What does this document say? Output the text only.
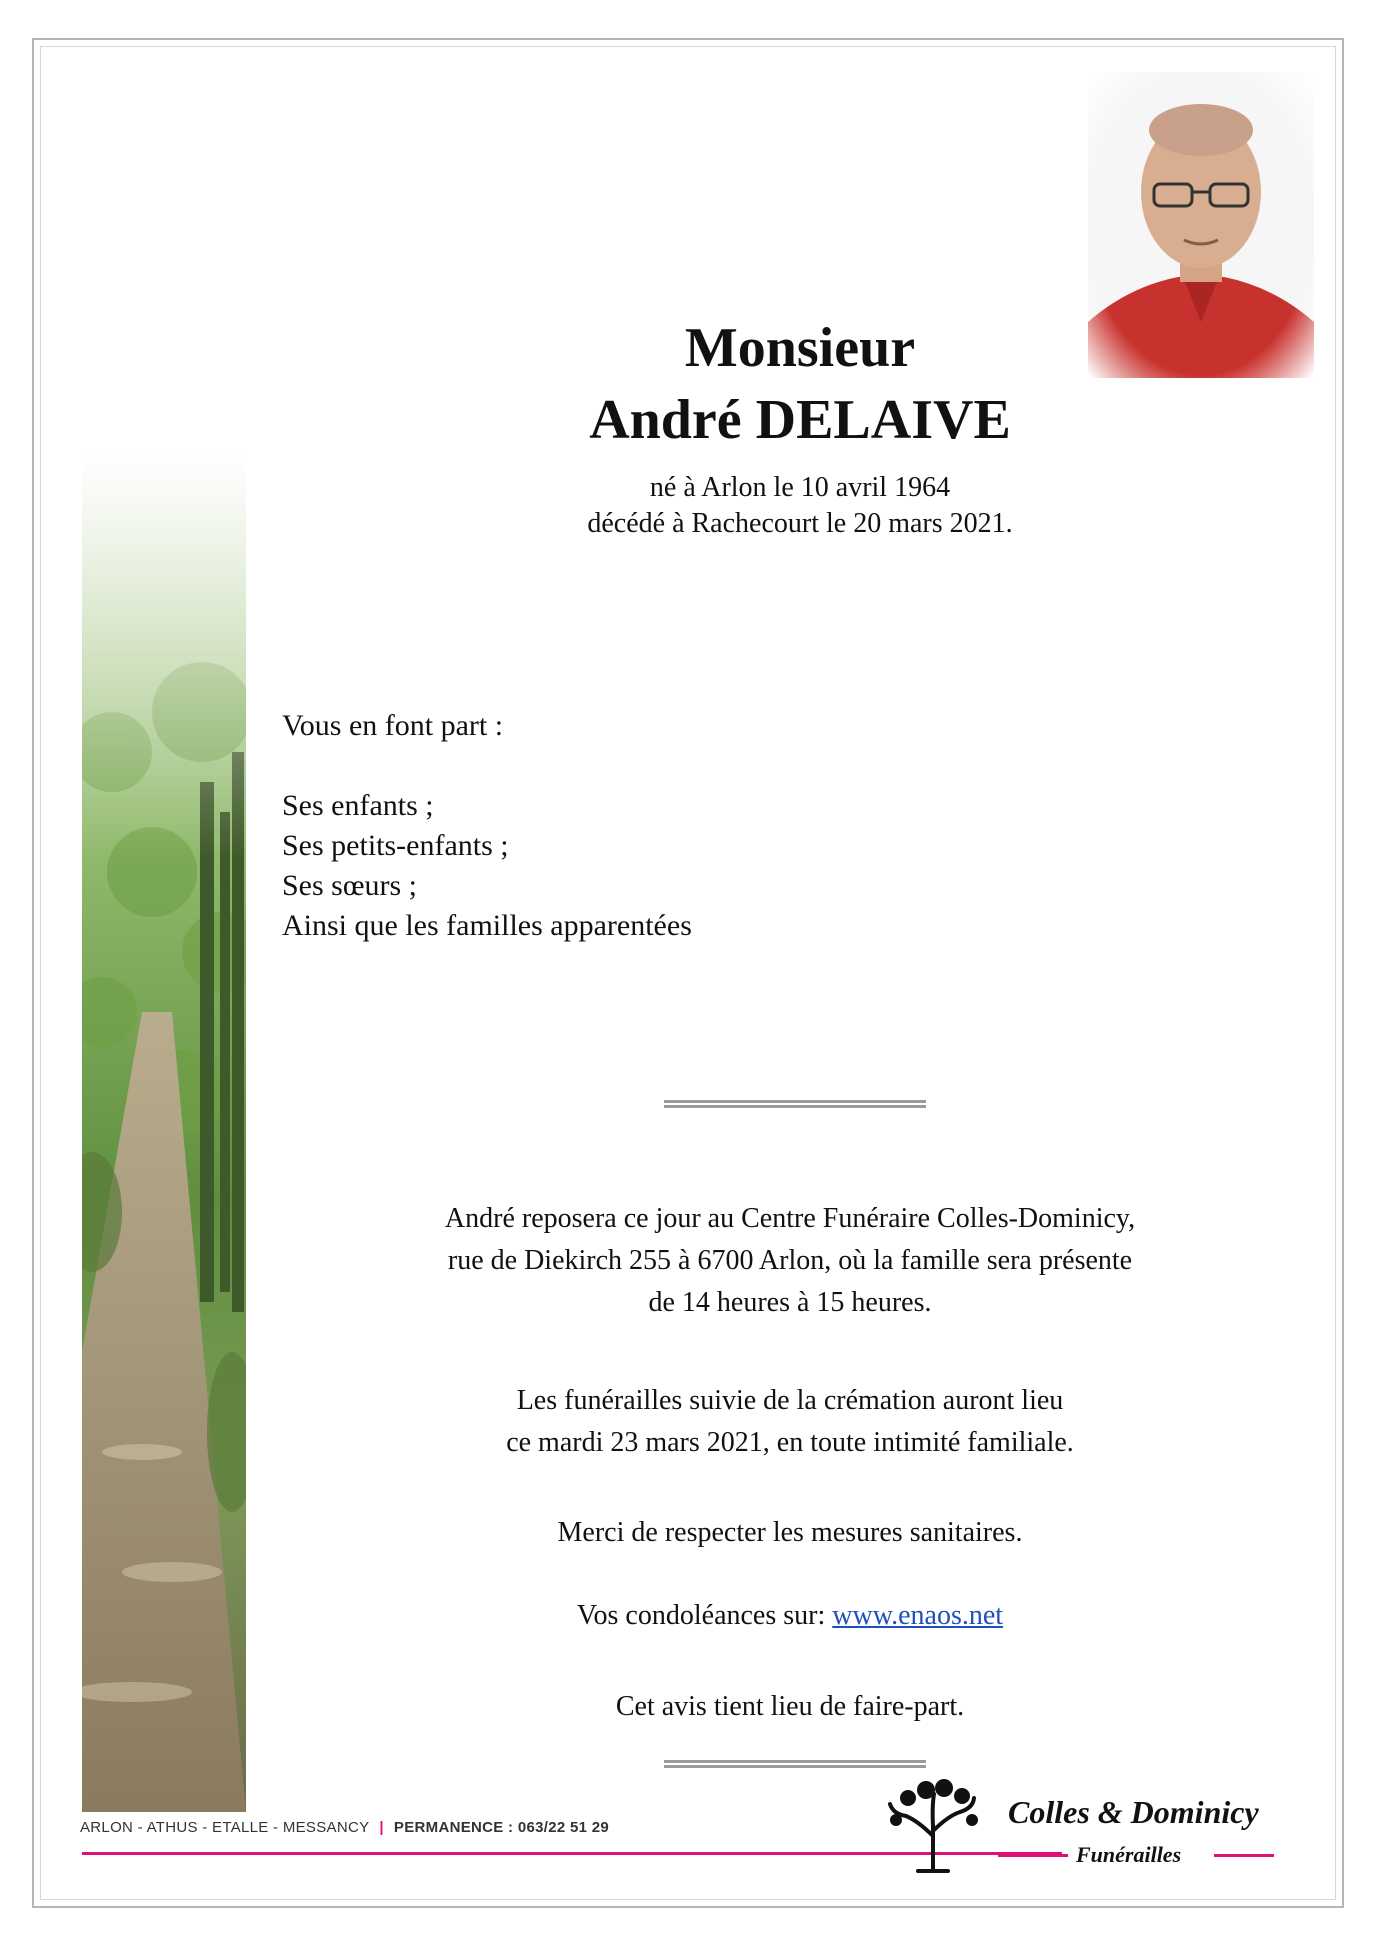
Monsieur
André DELAIVE
né à Arlon le 10 avril 1964
décédé à Rachecourt le 20 mars 2021.
Vous en font part :
Ses enfants ;
Ses petits-enfants ;
Ses sœurs ;
Ainsi que les familles apparentées
André reposera ce jour au Centre Funéraire Colles-Dominicy,
rue de Diekirch 255 à 6700 Arlon, où la famille sera présente
de 14 heures à 15 heures.
Les funérailles suivie de la crémation auront lieu
ce mardi 23 mars 2021, en toute intimité familiale.
Merci de respecter les mesures sanitaires.
Vos condoléances sur: www.enaos.net
Cet avis tient lieu de faire-part.
ARLON - ATHUS - ETALLE - MESSANCY | PERMANENCE : 063/22 51 29	Colles & Dominicy
Funérailles
